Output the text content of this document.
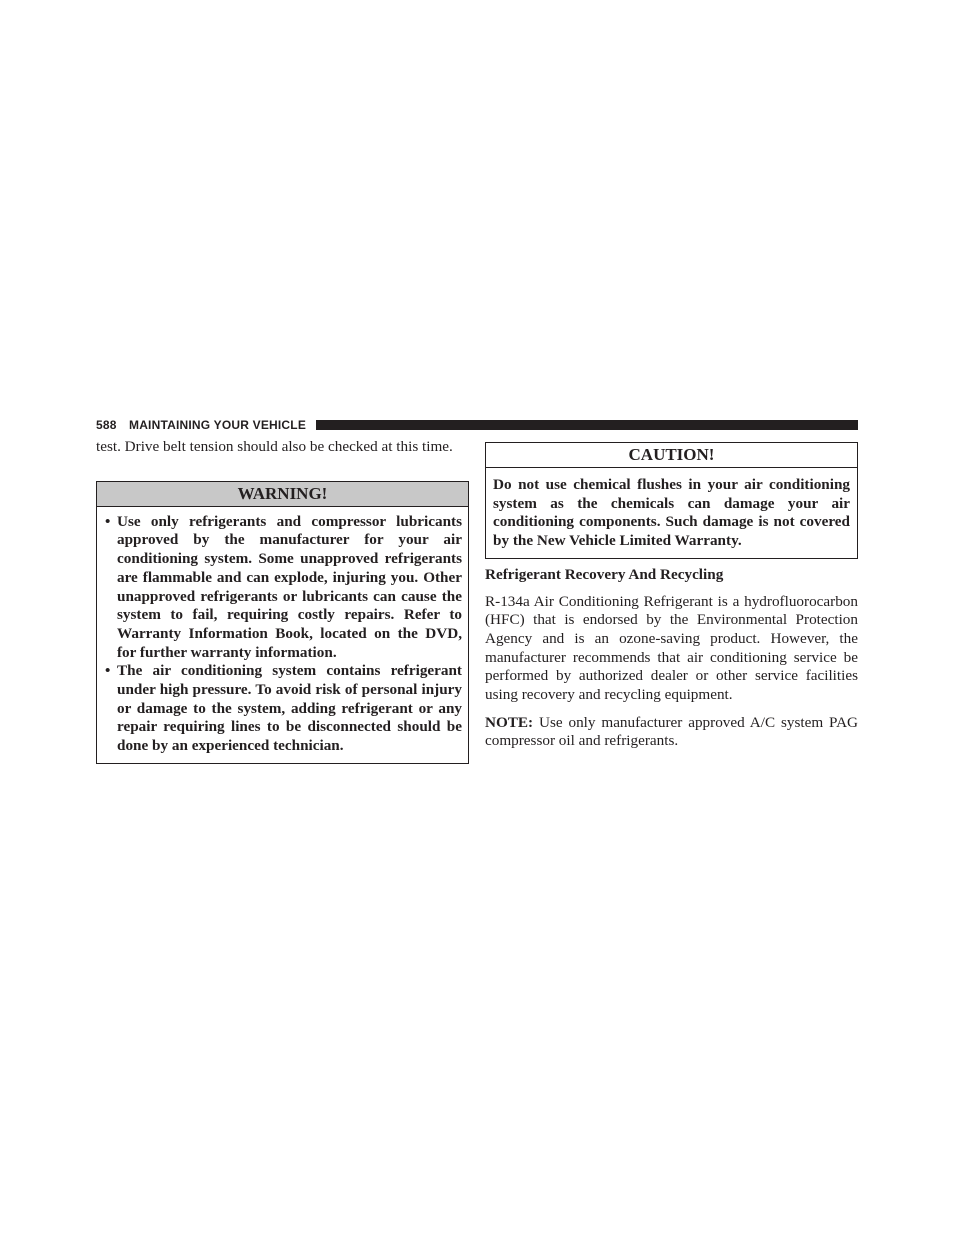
588 MAINTAINING YOUR VEHICLE

test. Drive belt tension should also be checked at this time.

WARNING!
• Use only refrigerants and compressor lubricants approved by the manufacturer for your air conditioning system. Some unapproved refrigerants are flammable and can explode, injuring you. Other unapproved refrigerants or lubricants can cause the system to fail, requiring costly repairs. Refer to Warranty Information Book, located on the DVD, for further warranty information.
• The air conditioning system contains refrigerant under high pressure. To avoid risk of personal injury or damage to the system, adding refrigerant or any repair requiring lines to be disconnected should be done by an experienced technician.
CAUTION!
Do not use chemical flushes in your air conditioning system as the chemicals can damage your air conditioning components. Such damage is not covered by the New Vehicle Limited Warranty.
Refrigerant Recovery And Recycling

R-134a Air Conditioning Refrigerant is a hydrofluorocarbon (HFC) that is endorsed by the Environmental Protection Agency and is an ozone-saving product. However, the manufacturer recommends that air conditioning service be performed by authorized dealer or other service facilities using recovery and recycling equipment.

NOTE: Use only manufacturer approved A/C system PAG compressor oil and refrigerants.
